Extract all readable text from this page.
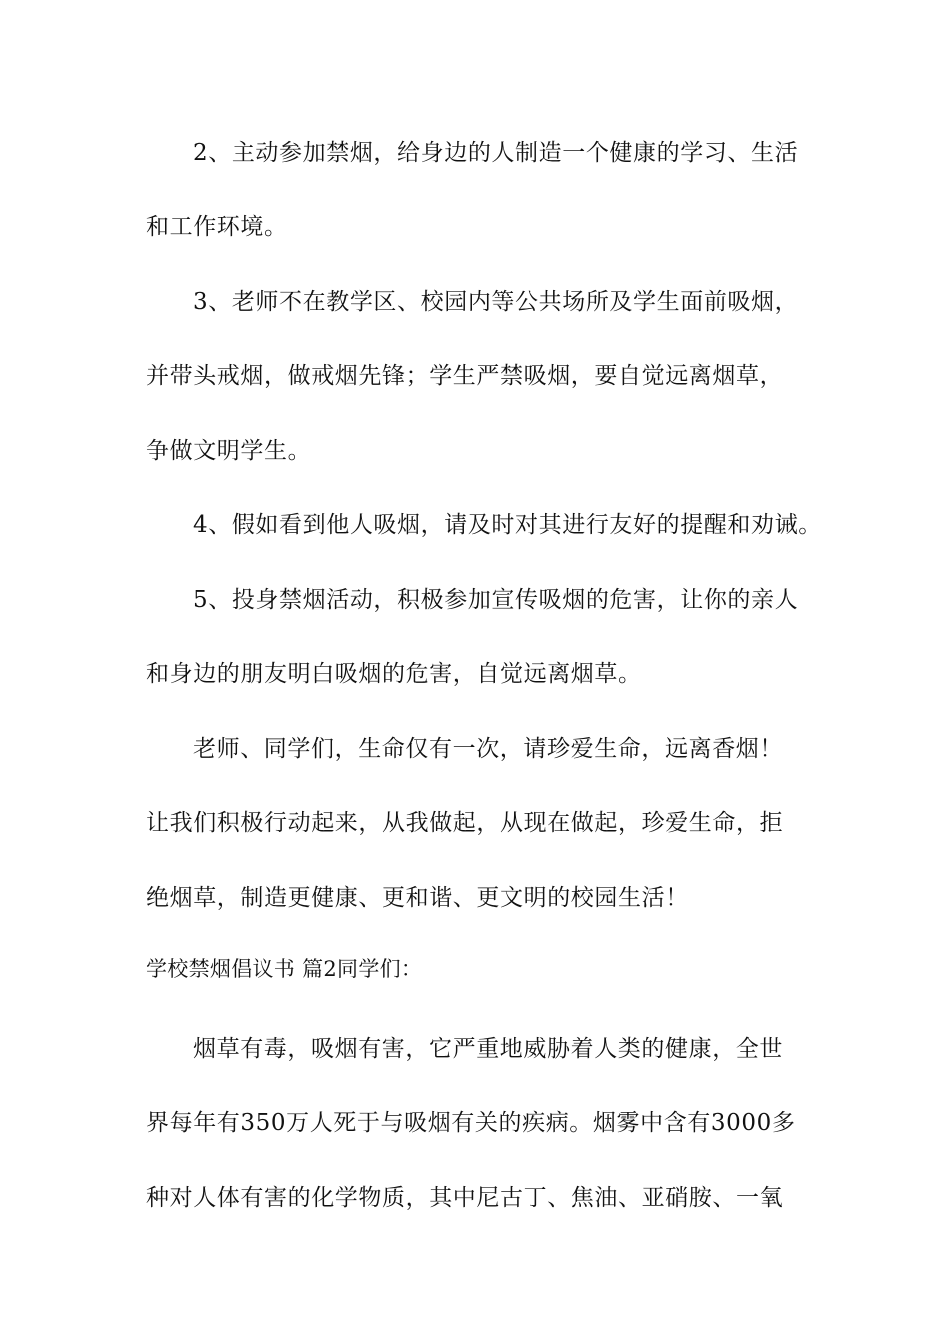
2、主动参加禁烟，给身边的人制造一个健康的学习、生活
和工作环境。
3、老师不在教学区、校园内等公共场所及学生面前吸烟，
并带头戒烟，做戒烟先锋；学生严禁吸烟，要自觉远离烟草，
争做文明学生。
4、假如看到他人吸烟，请及时对其进行友好的提醒和劝诫。
5、投身禁烟活动，积极参加宣传吸烟的危害，让你的亲人
和身边的朋友明白吸烟的危害，自觉远离烟草。
老师、同学们，生命仅有一次，请珍爱生命，远离香烟！
让我们积极行动起来，从我做起，从现在做起，珍爱生命，拒
绝烟草，制造更健康、更和谐、更文明的校园生活！
学校禁烟倡议书 篇2同学们：
烟草有毒，吸烟有害，它严重地威胁着人类的健康，全世
界每年有350万人死于与吸烟有关的疾病。烟雾中含有3000多
种对人体有害的化学物质，其中尼古丁、焦油、亚硝胺、一氧
